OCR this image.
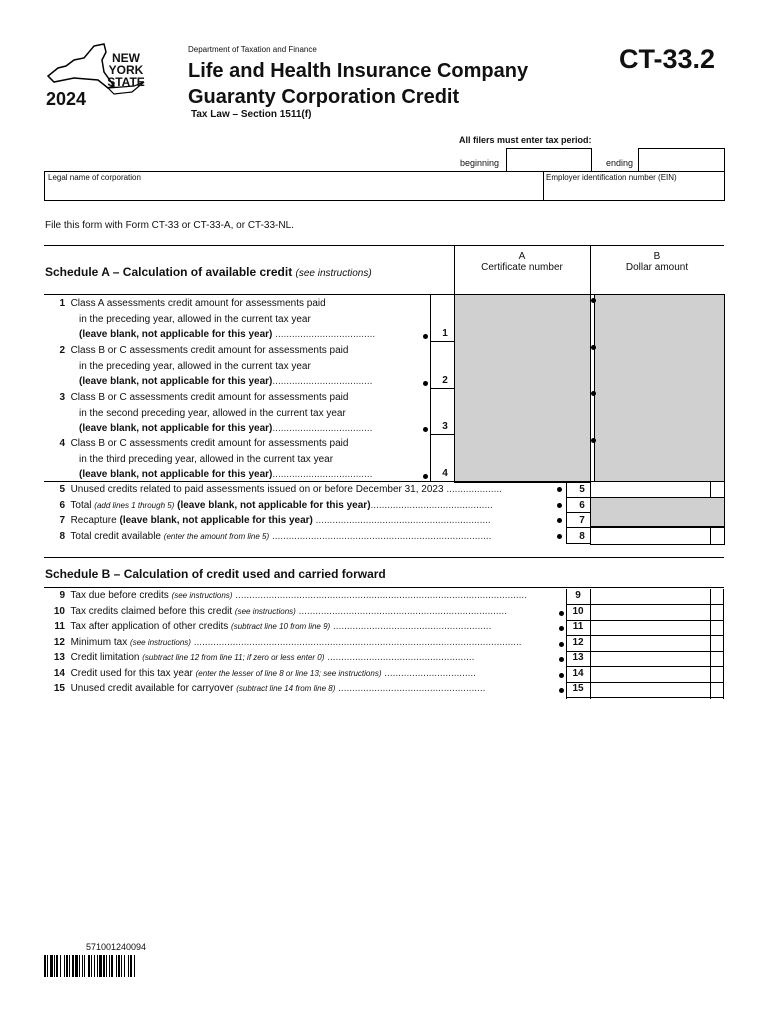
NEW
YORK
STATE
2024
Department of Taxation and Finance
Life and Health Insurance Company
Guaranty Corporation Credit
Tax Law – Section 1511(f)
CT-33.2
All filers must enter tax period:
beginning	ending
Legal name of corporation	Employer identification number (EIN)
File this form with Form CT-33 or CT-33-A, or CT-33-NL.
Schedule A – Calculation of available credit (see instructions)
A
Certificate number
B
Dollar amount
1 Class A assessments credit amount for assessments paid
in the preceding year, allowed in the current tax year
(leave blank, not applicable for this year) ....................................	1
2 Class B or C assessments credit amount for assessments paid
in the preceding year, allowed in the current tax year
(leave blank, not applicable for this year)....................................	2
3 Class B or C assessments credit amount for assessments paid
in the second preceding year, allowed in the current tax year
(leave blank, not applicable for this year)....................................	3
4 Class B or C assessments credit amount for assessments paid
in the third preceding year, allowed in the current tax year
(leave blank, not applicable for this year)....................................	4
5 Unused credits related to paid assessments issued on or before December 31, 2023 ....................	5
6 Total (add lines 1 through 5) (leave blank, not applicable for this year)............................................	6
7 Recapture (leave blank, not applicable for this year) ...............................................................	7
8 Total credit available (enter the amount from line 5) ...............................................................................	8
Schedule B – Calculation of credit used and carried forward
9 Tax due before credits (see instructions) .........................................................................................................	9
10 Tax credits claimed before this credit (see instructions) ...........................................................................	10
11 Tax after application of other credits (subtract line 10 from line 9) .........................................................	11
12 Minimum tax (see instructions) ......................................................................................................................	12
13 Credit limitation (subtract line 12 from line 11; if zero or less enter 0) .....................................................	13
14 Credit used for this tax year (enter the lesser of line 8 or line 13; see instructions) .................................	14
15 Unused credit available for carryover (subtract line 14 from line 8) .....................................................	15
571001240094
